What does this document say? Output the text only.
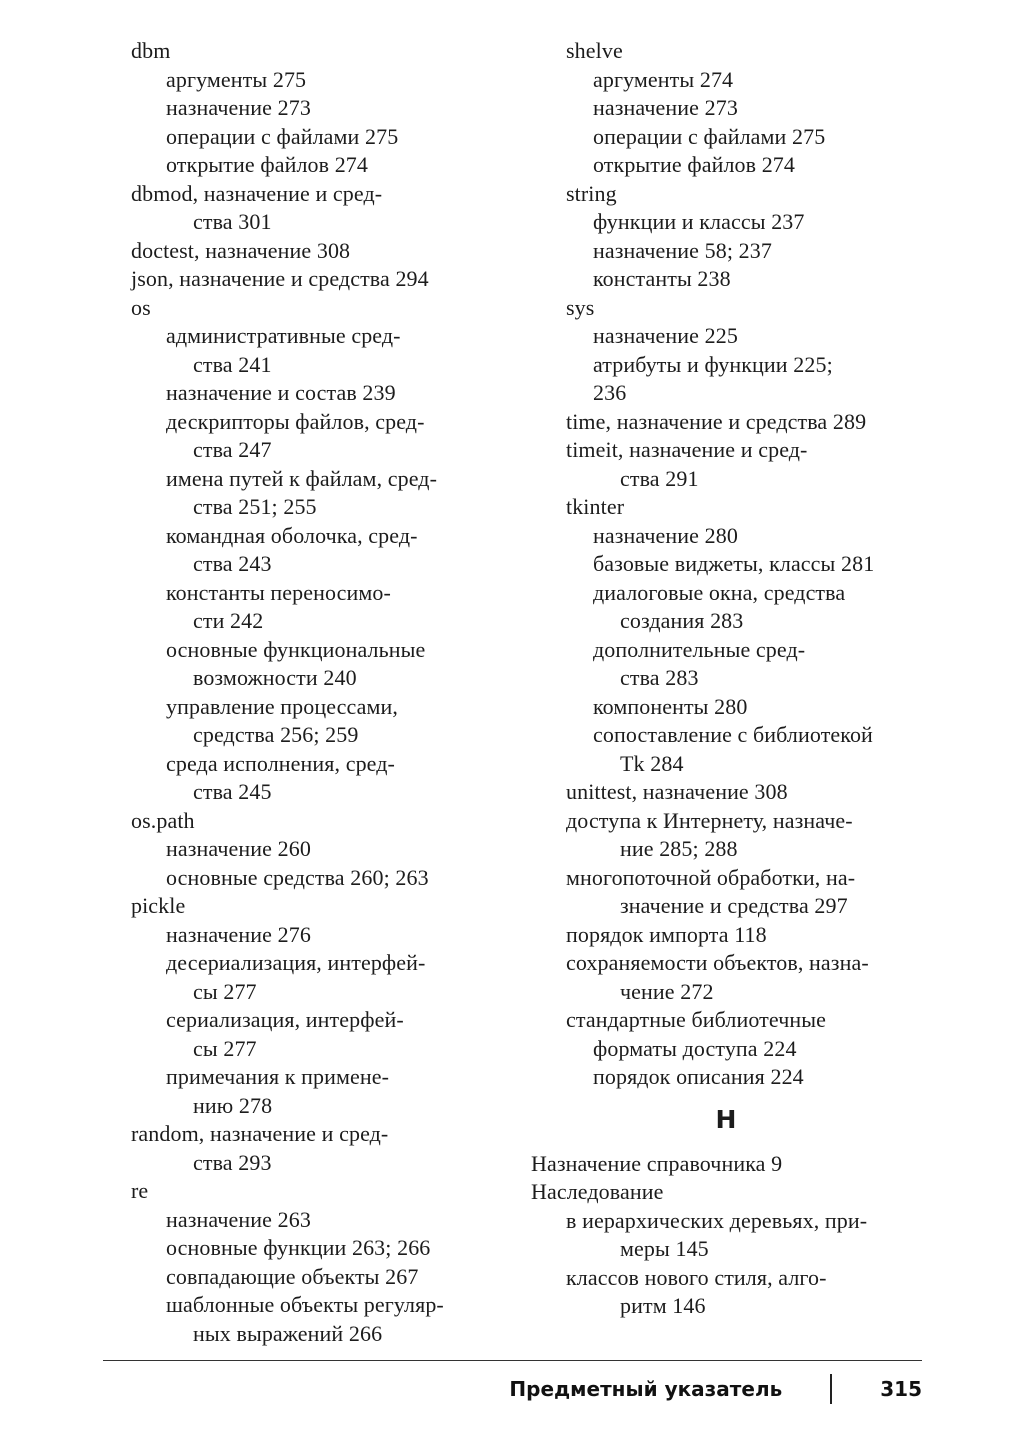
dbm
аргументы 275
назначение 273
операции с файлами 275
открытие файлов 274
dbmod, назначение и сред-
ства 301
doctest, назначение 308
json, назначение и средства 294
os
административные сред-
ства 241
назначение и состав 239
дескрипторы файлов, сред-
ства 247
имена путей к файлам, сред-
ства 251; 255
командная оболочка, сред-
ства 243
константы переносимо-
сти 242
основные функциональные
возможности 240
управление процессами,
средства 256; 259
среда исполнения, сред-
ства 245
os.path
назначение 260
основные средства 260; 263
pickle
назначение 276
десериализация, интерфей-
сы 277
сериализация, интерфей-
сы 277
примечания к примене-
нию 278
random, назначение и сред-
ства 293
re
назначение 263
основные функции 263; 266
совпадающие объекты 267
шаблонные объекты регуляр-
ных выражений 266
shelve
аргументы 274
назначение 273
операции с файлами 275
открытие файлов 274
string
функции и классы 237
назначение 58; 237
константы 238
sys
назначение 225
атрибуты и функции 225;
236
time, назначение и средства 289
timeit, назначение и сред-
ства 291
tkinter
назначение 280
базовые виджеты, классы 281
диалоговые окна, средства
создания 283
дополнительные сред-
ства 283
компоненты 280
сопоставление с библиотекой
Tk 284
unittest, назначение 308
доступа к Интернету, назначе-
ние 285; 288
многопоточной обработки, на-
значение и средства 297
порядок импорта 118
сохраняемости объектов, назна-
чение 272
стандартные библиотечные
форматы доступа 224
порядок описания 224
Н
Назначение справочника 9
Наследование
в иерархических деревьях, при-
меры 145
классов нового стиля, алго-
ритм 146
Предметный указатель	315
